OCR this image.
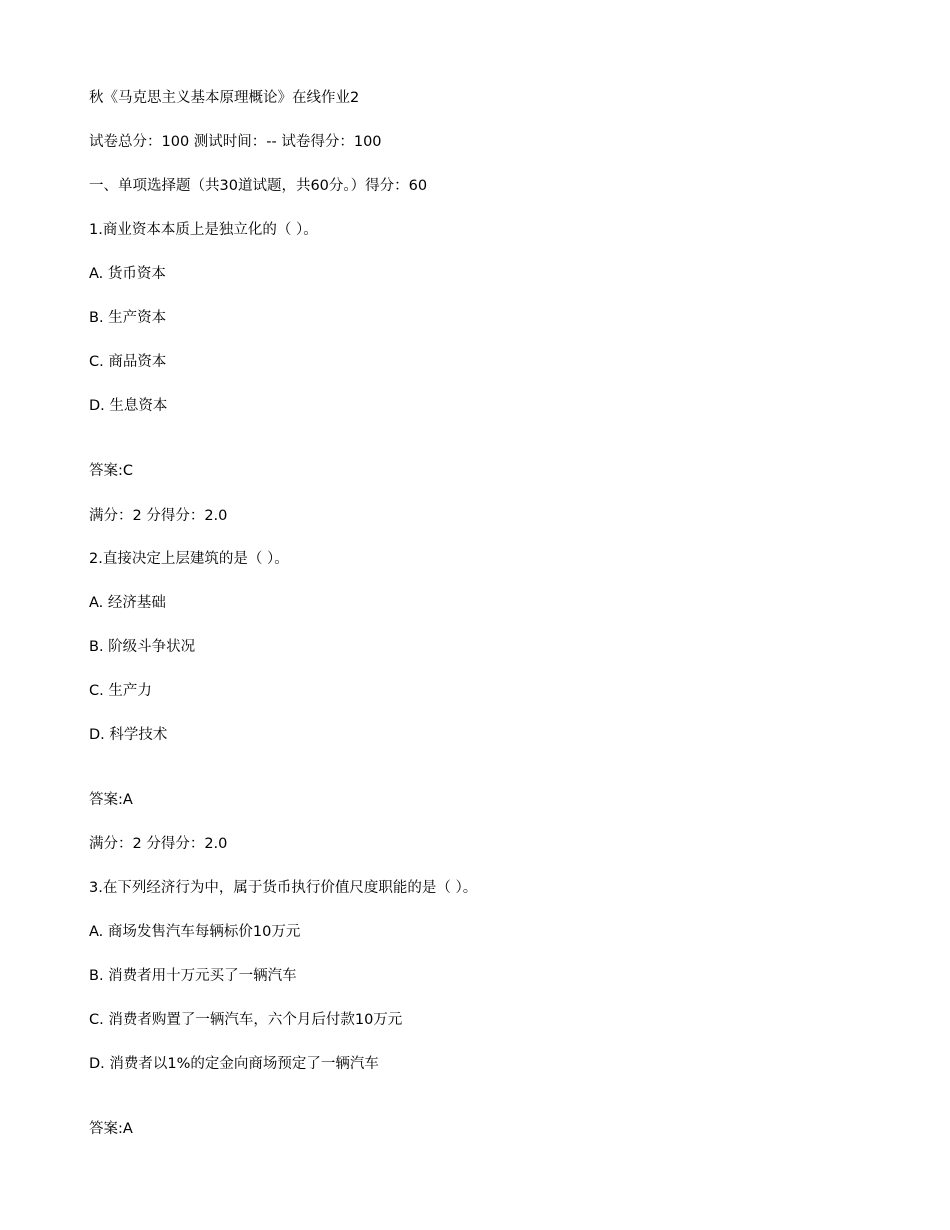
秋《马克思主义基本原理概论》在线作业2

试卷总分：100 测试时间：-- 试卷得分：100

一、单项选择题（共30道试题，共60分。）得分：60

1.商业资本本质上是独立化的（ ）。

A. 货币资本

B. 生产资本

C. 商品资本

D. 生息资本

答案:C

满分：2 分得分：2.0

2.直接决定上层建筑的是（ ）。

A. 经济基础

B. 阶级斗争状况

C. 生产力

D. 科学技术

答案:A

满分：2 分得分：2.0

3.在下列经济行为中，属于货币执行价值尺度职能的是（ ）。

A. 商场发售汽车每辆标价10万元

B. 消费者用十万元买了一辆汽车

C. 消费者购置了一辆汽车，六个月后付款10万元

D. 消费者以1%的定金向商场预定了一辆汽车

答案:A
